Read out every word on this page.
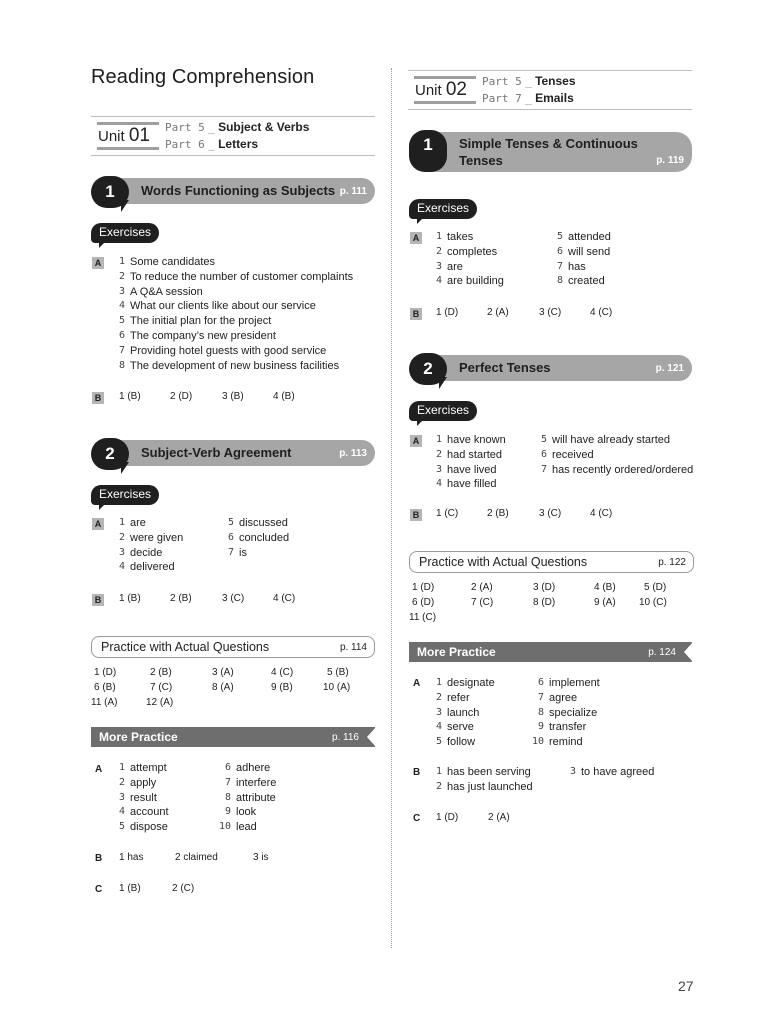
Reading Comprehension
27
Unit 01	Part 5 _ Subject & Verbs
Part 6 _ Letters
1	Words Functioning as Subjects p. 111
Exercises
A	1 Some candidates
2 To reduce the number of customer complaints
3 A Q&A session
4 What our clients like about our service
5 The initial plan for the project
6 The company’s new president
7 Providing hotel guests with good service
8 The development of new business facilities
B 1 (B)	2 (D)	3 (B)	4 (B)
2	Subject-Verb Agreement	p. 113
Exercises
A	1 are
2 were given
3 decide
4 delivered
5 discussed
6 concluded
7 is
B 1 (B)	2 (B)	3 (C)	4 (C)
Practice with Actual Questions	p. 114
1 (D)	2 (B)	3 (A)	4 (C)	5 (B)
6 (B)	7 (C)	8 (A)	9 (B)	10 (A)
11 (A)	12 (A)
More Practice	p. 116
A	1 attempt
2 apply
3 result
4 account
5 dispose
6 adhere
7 interfere
8 attribute
9 look
10 lead
B 1 has	2 claimed	3 is
C 1 (B)	2 (C)
Unit 02	Part 5 _ Tenses
Part 7 _ Emails
1	Simple Tenses & Continuous
Tenses	p. 119
Exercises
A	1 takes
2 completes
3 are
4 are building
5 attended
6 will send
7 has
8 created
B 1 (D)	2 (A)	3 (C)	4 (C)
2	Perfect Tenses	p. 121
Exercises
A	1 have known
2 had started
3 have lived
4 have filled
5 will have already started
6 received
7 has recently ordered/ordered
B 1 (C)	2 (B)	3 (C)	4 (C)
Practice with Actual Questions	p. 122
1 (D)	2 (A)	3 (D)	4 (B)	5 (D)
6 (D)	7 (C)	8 (D)	9 (A) 10 (C)
11 (C)
More Practice	p. 124
A	1 designate
2 refer
3 launch
4 serve
5 follow
6 implement
7 agree
8 specialize
9 transfer
10 remind
B	1 has been serving
2 has just launched
3 to have agreed
C 1 (D)	2 (A)
